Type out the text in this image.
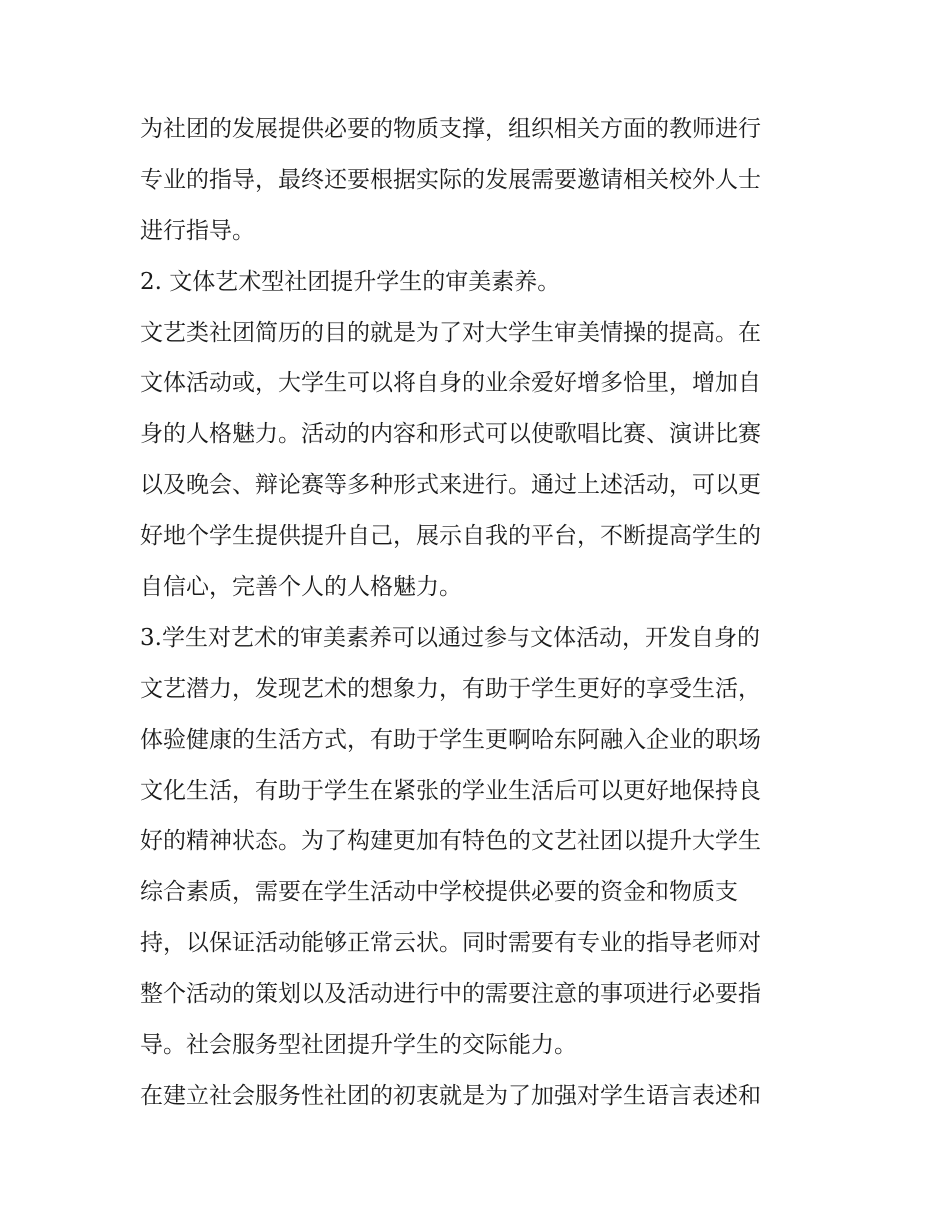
为社团的发展提供必要的物质支撑，组织相关方面的教师进行
专业的指导，最终还要根据实际的发展需要邀请相关校外人士
进行指导。
2. 文体艺术型社团提升学生的审美素养。
文艺类社团简历的目的就是为了对大学生审美情操的提高。在
文体活动或，大学生可以将自身的业余爱好增多恰里，增加自
身的人格魅力。活动的内容和形式可以使歌唱比赛、演讲比赛
以及晚会、辩论赛等多种形式来进行。通过上述活动，可以更
好地个学生提供提升自己，展示自我的平台，不断提高学生的
自信心，完善个人的人格魅力。
3.学生对艺术的审美素养可以通过参与文体活动，开发自身的
文艺潜力，发现艺术的想象力，有助于学生更好的享受生活，
体验健康的生活方式，有助于学生更啊哈东阿融入企业的职场
文化生活，有助于学生在紧张的学业生活后可以更好地保持良
好的精神状态。为了构建更加有特色的文艺社团以提升大学生
综合素质，需要在学生活动中学校提供必要的资金和物质支
持，以保证活动能够正常云状。同时需要有专业的指导老师对
整个活动的策划以及活动进行中的需要注意的事项进行必要指
导。社会服务型社团提升学生的交际能力。
在建立社会服务性社团的初衷就是为了加强对学生语言表述和
